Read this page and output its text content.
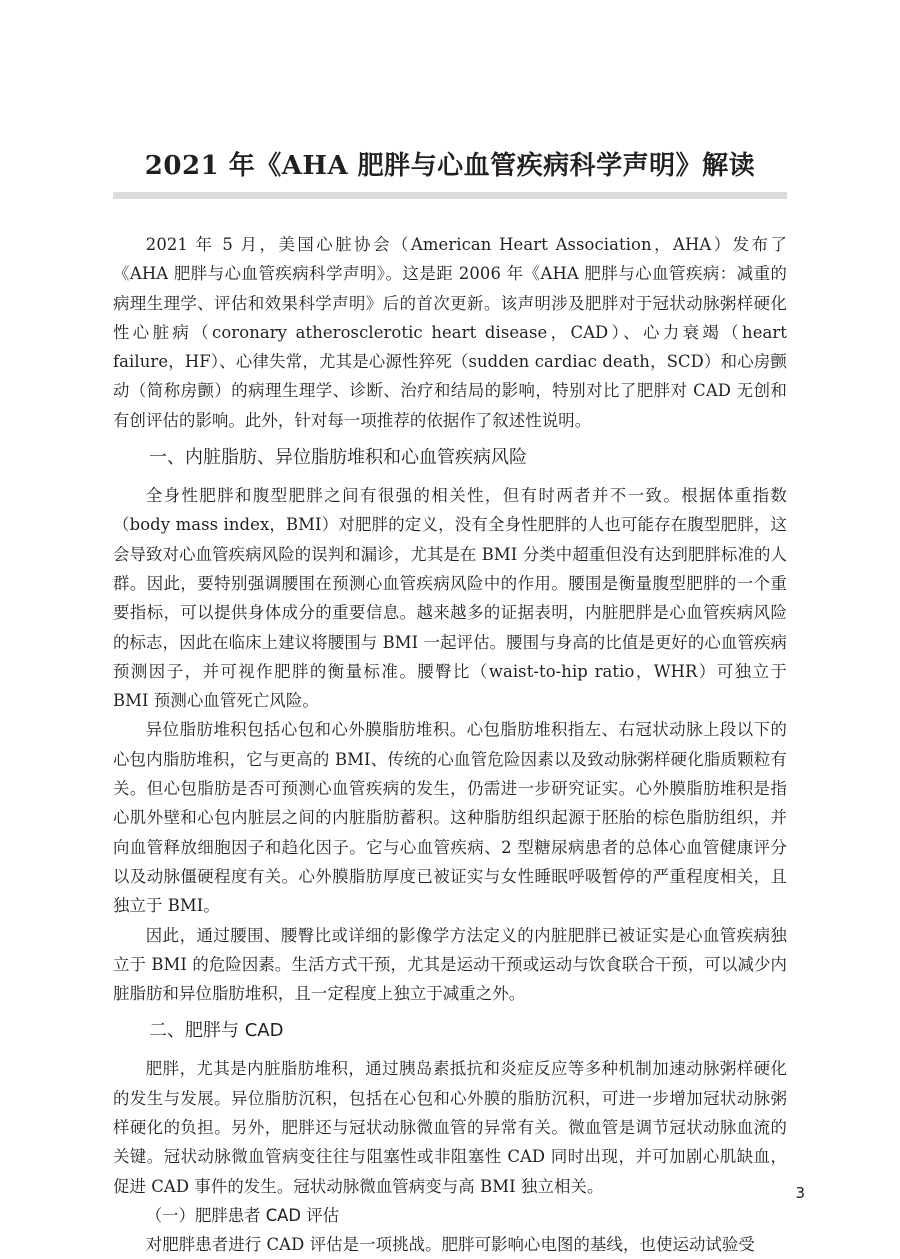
2021 年《AHA 肥胖与心血管疾病科学声明》解读

2021 年 5 月，美国心脏协会（American Heart Association，AHA）发布了《AHA 肥胖与心血管疾病科学声明》。这是距 2006 年《AHA 肥胖与心血管疾病：减重的病理生理学、评估和效果科学声明》后的首次更新。该声明涉及肥胖对于冠状动脉粥样硬化性心脏病（coronary atherosclerotic heart disease，CAD）、心力衰竭（heart failure，HF）、心律失常，尤其是心源性猝死（sudden cardiac death，SCD）和心房颤动（简称房颤）的病理生理学、诊断、治疗和结局的影响，特别对比了肥胖对 CAD 无创和有创评估的影响。此外，针对每一项推荐的依据作了叙述性说明。

一、内脏脂肪、异位脂肪堆积和心血管疾病风险

全身性肥胖和腹型肥胖之间有很强的相关性，但有时两者并不一致。根据体重指数（body mass index，BMI）对肥胖的定义，没有全身性肥胖的人也可能存在腹型肥胖，这会导致对心血管疾病风险的误判和漏诊，尤其是在 BMI 分类中超重但没有达到肥胖标准的人群。因此，要特别强调腰围在预测心血管疾病风险中的作用。腰围是衡量腹型肥胖的一个重要指标，可以提供身体成分的重要信息。越来越多的证据表明，内脏肥胖是心血管疾病风险的标志，因此在临床上建议将腰围与 BMI 一起评估。腰围与身高的比值是更好的心血管疾病预测因子，并可视作肥胖的衡量标准。腰臀比（waist-to-hip ratio，WHR）可独立于 BMI 预测心血管死亡风险。

异位脂肪堆积包括心包和心外膜脂肪堆积。心包脂肪堆积指左、右冠状动脉上段以下的心包内脂肪堆积，它与更高的 BMI、传统的心血管危险因素以及致动脉粥样硬化脂质颗粒有关。但心包脂肪是否可预测心血管疾病的发生，仍需进一步研究证实。心外膜脂肪堆积是指心肌外壁和心包内脏层之间的内脏脂肪蓄积。这种脂肪组织起源于胚胎的棕色脂肪组织，并向血管释放细胞因子和趋化因子。它与心血管疾病、2 型糖尿病患者的总体心血管健康评分以及动脉僵硬程度有关。心外膜脂肪厚度已被证实与女性睡眠呼吸暂停的严重程度相关，且独立于 BMI。

因此，通过腰围、腰臀比或详细的影像学方法定义的内脏肥胖已被证实是心血管疾病独立于 BMI 的危险因素。生活方式干预，尤其是运动干预或运动与饮食联合干预，可以减少内脏脂肪和异位脂肪堆积，且一定程度上独立于减重之外。

二、肥胖与 CAD

肥胖，尤其是内脏脂肪堆积，通过胰岛素抵抗和炎症反应等多种机制加速动脉粥样硬化的发生与发展。异位脂肪沉积，包括在心包和心外膜的脂肪沉积，可进一步增加冠状动脉粥样硬化的负担。另外，肥胖还与冠状动脉微血管的异常有关。微血管是调节冠状动脉血流的关键。冠状动脉微血管病变往往与阻塞性或非阻塞性 CAD 同时出现，并可加剧心肌缺血，促进 CAD 事件的发生。冠状动脉微血管病变与高 BMI 独立相关。

（一）肥胖患者 CAD 评估

对肥胖患者进行 CAD 评估是一项挑战。肥胖可影响心电图的基线，也使运动试验受

3
